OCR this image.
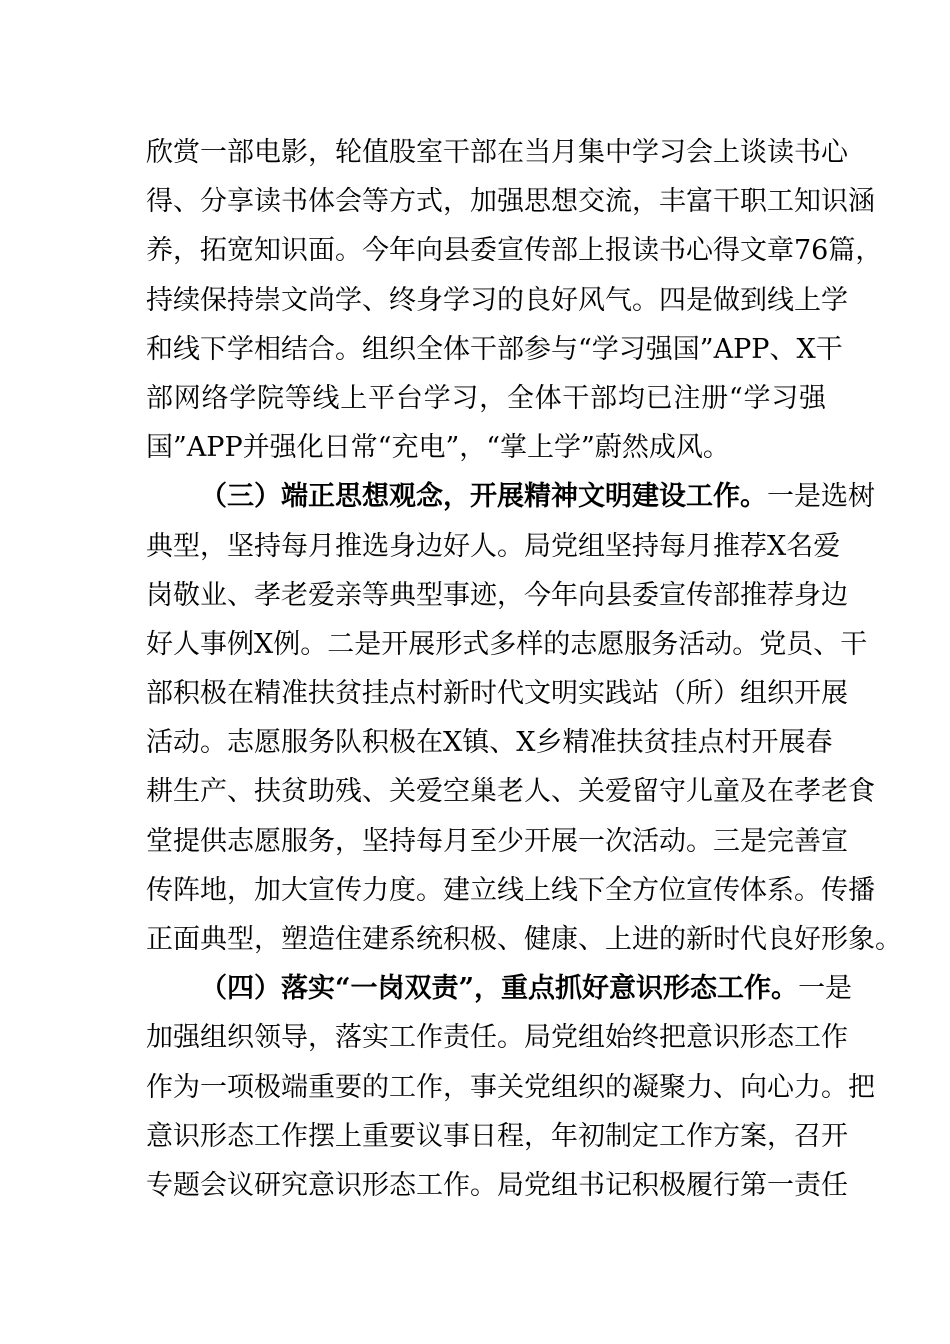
欣赏一部电影，轮值股室干部在当月集中学习会上谈读书心
得、分享读书体会等方式，加强思想交流，丰富干职工知识涵
养，拓宽知识面。今年向县委宣传部上报读书心得文章76篇，
持续保持崇文尚学、终身学习的良好风气。四是做到线上学
和线下学相结合。组织全体干部参与“学习强国”APP、X干
部网络学院等线上平台学习，全体干部均已注册“学习强
国”APP并强化日常“充电”，“掌上学”蔚然成风。
（三）端正思想观念，开展精神文明建设工作。一是选树
典型，坚持每月推选身边好人。局党组坚持每月推荐X名爱
岗敬业、孝老爱亲等典型事迹，今年向县委宣传部推荐身边
好人事例X例。二是开展形式多样的志愿服务活动。党员、干
部积极在精准扶贫挂点村新时代文明实践站（所）组织开展
活动。志愿服务队积极在X镇、X乡精准扶贫挂点村开展春
耕生产、扶贫助残、关爱空巢老人、关爱留守儿童及在孝老食
堂提供志愿服务，坚持每月至少开展一次活动。三是完善宣
传阵地，加大宣传力度。建立线上线下全方位宣传体系。传播
正面典型，塑造住建系统积极、健康、上进的新时代良好形象。
（四）落实“一岗双责”，重点抓好意识形态工作。一是
加强组织领导，落实工作责任。局党组始终把意识形态工作
作为一项极端重要的工作，事关党组织的凝聚力、向心力。把
意识形态工作摆上重要议事日程，年初制定工作方案，召开
专题会议研究意识形态工作。局党组书记积极履行第一责任
